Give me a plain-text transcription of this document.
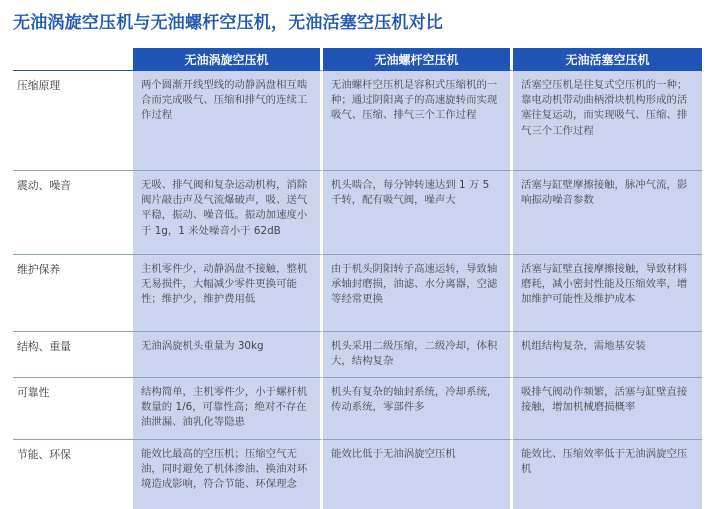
无油涡旋空压机与无油螺杆空压机，无油活塞空压机对比
	无油涡旋空压机	无油螺杆空压机	无油活塞空压机
压缩原理	两个圆渐开线型线的动静涡盘相互啮合而完成吸气、压缩和排气的连续工作过程	无油螺杆空压机是容积式压缩机的一种；通过阴阳离子的高速旋转而实现吸气、压缩、排气三个工作过程	活塞空压机是往复式空压机的一种；靠电动机带动曲柄滑块机构形成的活塞往复运动，而实现吸气、压缩、排气三个工作过程
震动、噪音	无吸、排气阀和复杂运动机构，消除阀片敲击声及气流爆破声，吸、送气平稳，振动、噪音低。振动加速度小于 1g，1 米处噪音小于 62dB	机头啮合，每分钟转速达到 1 万 5 千转，配有吸气阀，噪声大	活塞与缸壁摩擦接触，脉冲气流，影响振动噪音参数
维护保养	主机零件少，动静涡盘不接触，整机无易损件，大幅减少零件更换可能性；维护少，维护费用低	由于机头阴阳转子高速运转，导致轴承轴封磨损，油滤、水分离器，空滤等经常更换	活塞与缸壁直接摩擦接触，导致材料磨耗，减小密封性能及压缩效率，增加维护可能性及维护成本
结构、重量	无油涡旋机头重量为 30kg	机头采用二级压缩，二级冷却，体积大，结构复杂	机组结构复杂，需地基安装
可靠性	结构简单，主机零件少，小于螺杆机数量的 1/6，可靠性高；绝对不存在油泄漏、油乳化等隐患	机头有复杂的轴封系统，冷却系统，传动系统，零部件多	吸排气阀动作频繁，活塞与缸壁直接接触，增加机械磨损概率
节能、环保	能效比最高的空压机；压缩空气无油，同时避免了机体渗油、换油对环境造成影响，符合节能、环保理念	能效比低于无油涡旋空压机	能效比、压缩效率低于无油涡旋空压机
